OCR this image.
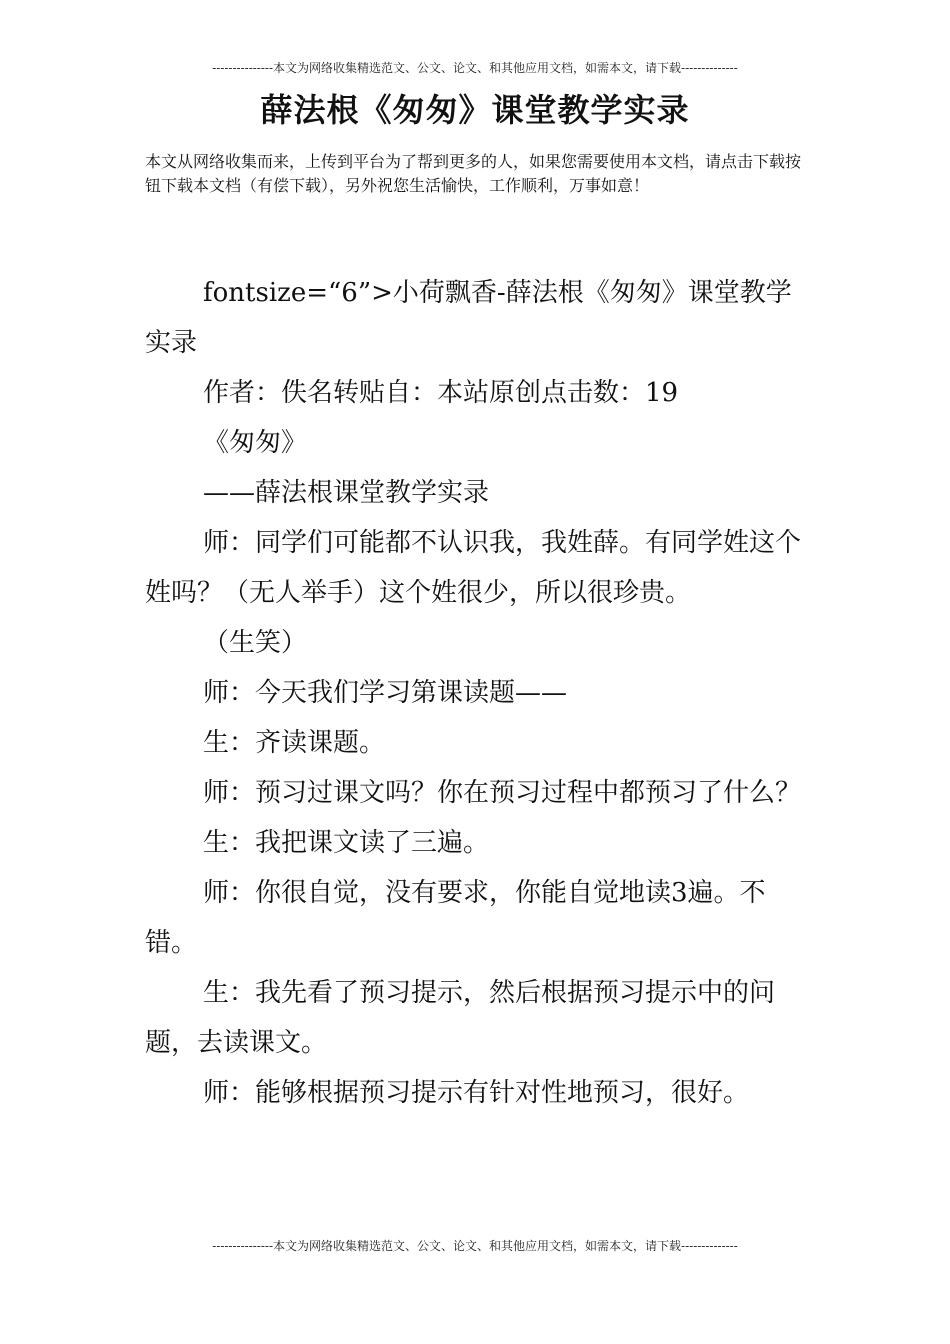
---------------本文为网络收集精选范文、公文、论文、和其他应用文档，如需本文，请下载--------------
薛法根《匆匆》课堂教学实录

本文从网络收集而来，上传到平台为了帮到更多的人，如果您需要使用本文档，请点击下载按钮下载本文档（有偿下载），另外祝您生活愉快，工作顺利，万事如意！

fontsize=“6”>小荷飘香-薛法根《匆匆》课堂教学实录

作者：佚名转贴自：本站原创点击数：19

《匆匆》

——薛法根课堂教学实录

师：同学们可能都不认识我，我姓薛。有同学姓这个姓吗？（无人举手）这个姓很少，所以很珍贵。

（生笑）

师：今天我们学习第课读题——

生：齐读课题。

师：预习过课文吗？你在预习过程中都预习了什么？

生：我把课文读了三遍。

师：你很自觉，没有要求，你能自觉地读3遍。不错。

生：我先看了预习提示，然后根据预习提示中的问题，去读课文。

师：能够根据预习提示有针对性地预习，很好。

---------------本文为网络收集精选范文、公文、论文、和其他应用文档，如需本文，请下载--------------
